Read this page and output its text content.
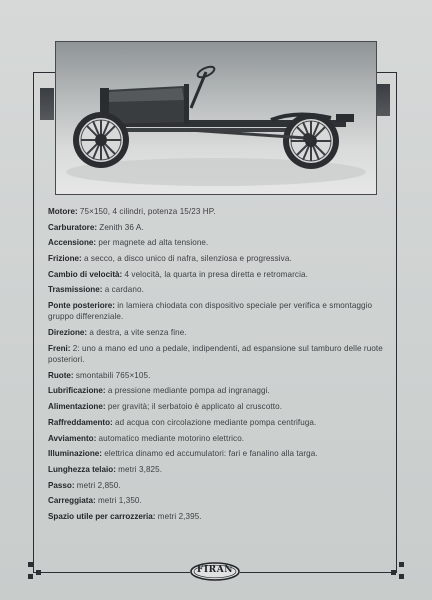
Motore: 75×150, 4 cilindri, potenza 15/23 HP.
Carburatore: Zenith 36 A.
Accensione: per magnete ad alta tensione.
Frizione: a secco, a disco unico di nafra, silenziosa e progressiva.
Cambio di velocità: 4 velocità, la quarta in presa diretta e retromarcia.
Trasmissione: a cardano.
Ponte posteriore: in lamiera chiodata con dispositivo speciale per verifica e smontaggio gruppo differenziale.
Direzione: a destra, a vite senza fine.
Freni: 2: uno a mano ed uno a pedale, indipendenti, ad espansione sul tamburo delle ruote posteriori.
Ruote: smontabili 765×105.
Lubrificazione: a pressione mediante pompa ad ingranaggi.
Alimentazione: per gravità; il serbatoio è applicato al cruscotto.
Raffreddamento: ad acqua con circolazione mediante pompa centrifuga.
Avviamento: automatico mediante motorino elettrico.
Illuminazione: elettrica dinamo ed accumulatori: fari e fanalino alla targa.
Lunghezza telaio: metri 3,825.
Passo: metri 2,850.
Carreggiata: metri 1,350.
Spazio utile per carrozzeria: metri 2,395.
FIRAN
